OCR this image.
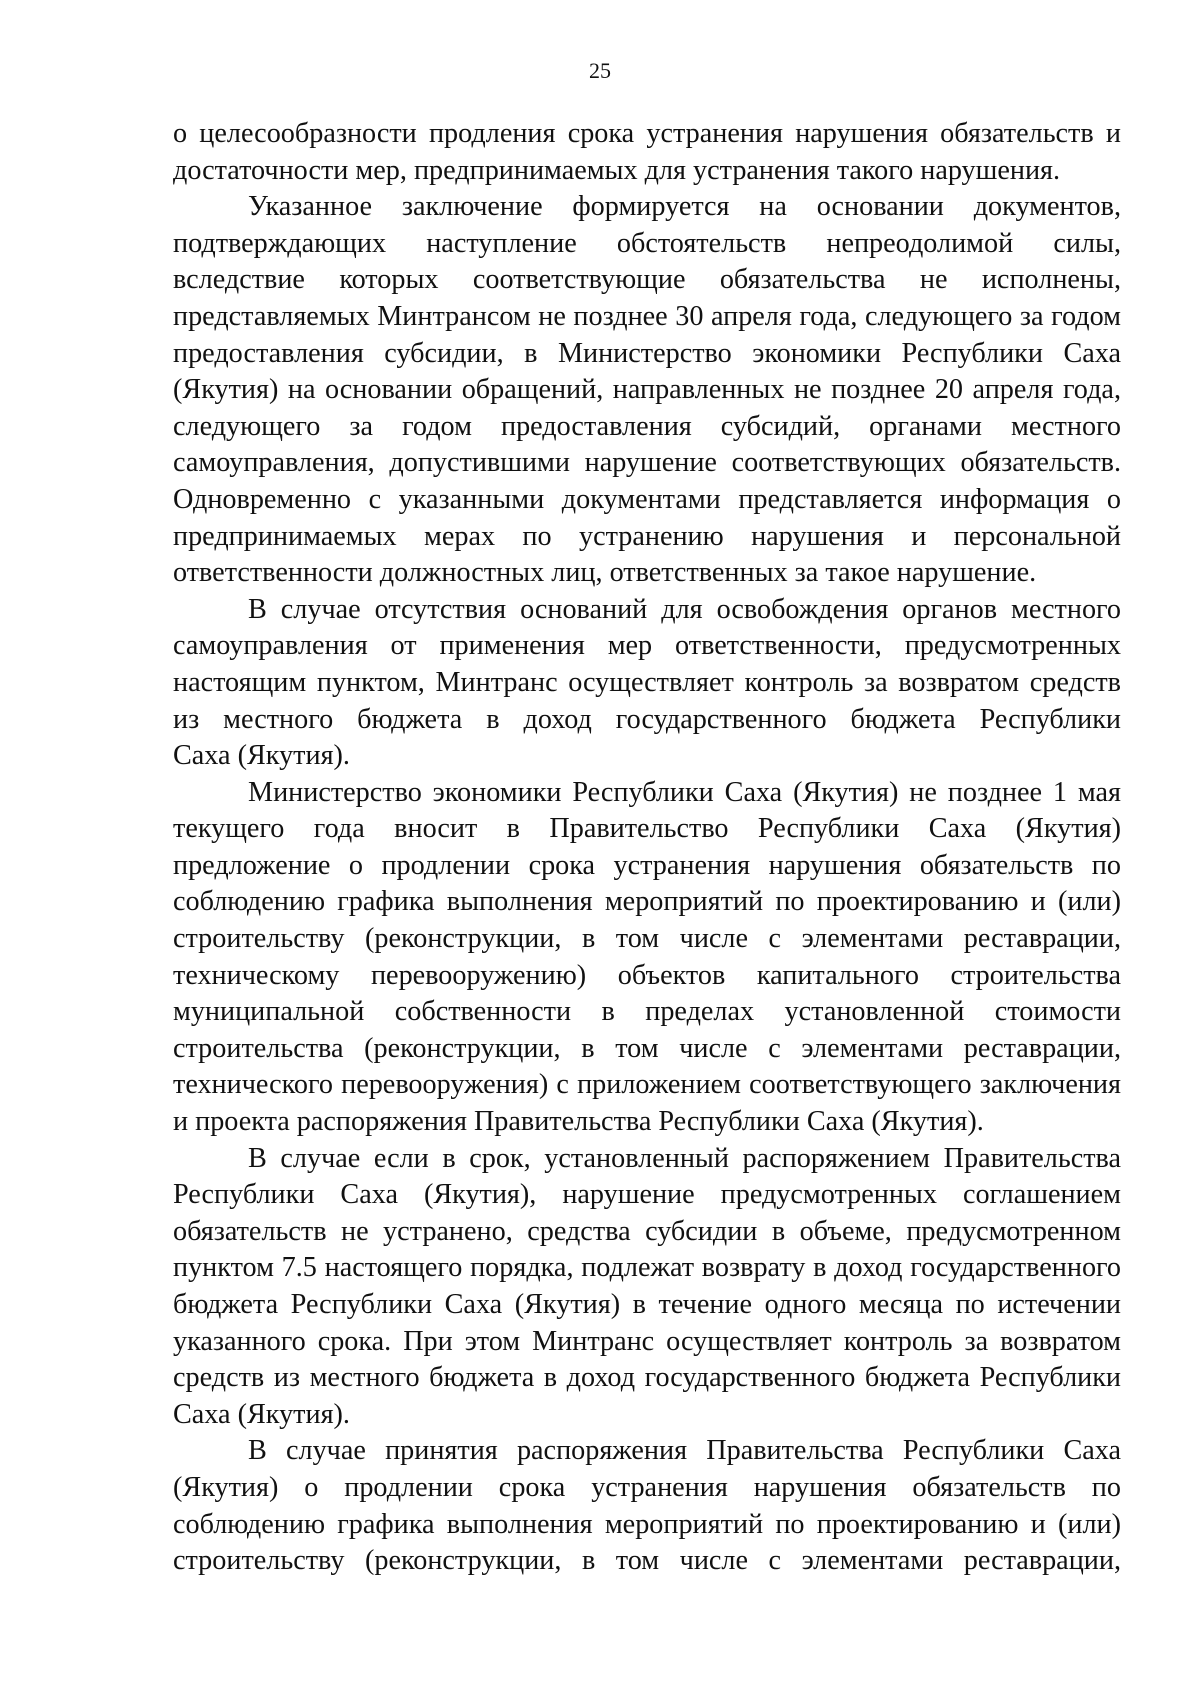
25
о целесообразности продления срока устранения нарушения обязательств и
достаточности мер, предпринимаемых для устранения такого нарушения.
Указанное заключение формируется на основании документов,
подтверждающих наступление обстоятельств непреодолимой силы,
вследствие которых соответствующие обязательства не исполнены,
представляемых Минтрансом не позднее 30 апреля года, следующего за годом
предоставления субсидии, в Министерство экономики Республики Саха
(Якутия) на основании обращений, направленных не позднее 20 апреля года,
следующего за годом предоставления субсидий, органами местного
самоуправления, допустившими нарушение соответствующих обязательств.
Одновременно с указанными документами представляется информация о
предпринимаемых мерах по устранению нарушения и персональной
ответственности должностных лиц, ответственных за такое нарушение.
В случае отсутствия оснований для освобождения органов местного
самоуправления от применения мер ответственности, предусмотренных
настоящим пунктом, Минтранс осуществляет контроль за возвратом средств
из местного бюджета в доход государственного бюджета Республики
Саха (Якутия).
Министерство экономики Республики Саха (Якутия) не позднее 1 мая
текущего года вносит в Правительство Республики Саха (Якутия)
предложение о продлении срока устранения нарушения обязательств по
соблюдению графика выполнения мероприятий по проектированию и (или)
строительству (реконструкции, в том числе с элементами реставрации,
техническому перевооружению) объектов капитального строительства
муниципальной собственности в пределах установленной стоимости
строительства (реконструкции, в том числе с элементами реставрации,
технического перевооружения) с приложением соответствующего заключения
и проекта распоряжения Правительства Республики Саха (Якутия).
В случае если в срок, установленный распоряжением Правительства
Республики Саха (Якутия), нарушение предусмотренных соглашением
обязательств не устранено, средства субсидии в объеме, предусмотренном
пунктом 7.5 настоящего порядка, подлежат возврату в доход государственного
бюджета Республики Саха (Якутия) в течение одного месяца по истечении
указанного срока. При этом Минтранс осуществляет контроль за возвратом
средств из местного бюджета в доход государственного бюджета Республики
Саха (Якутия).
В случае принятия распоряжения Правительства Республики Саха
(Якутия) о продлении срока устранения нарушения обязательств по
соблюдению графика выполнения мероприятий по проектированию и (или)
строительству (реконструкции, в том числе с элементами реставрации,
